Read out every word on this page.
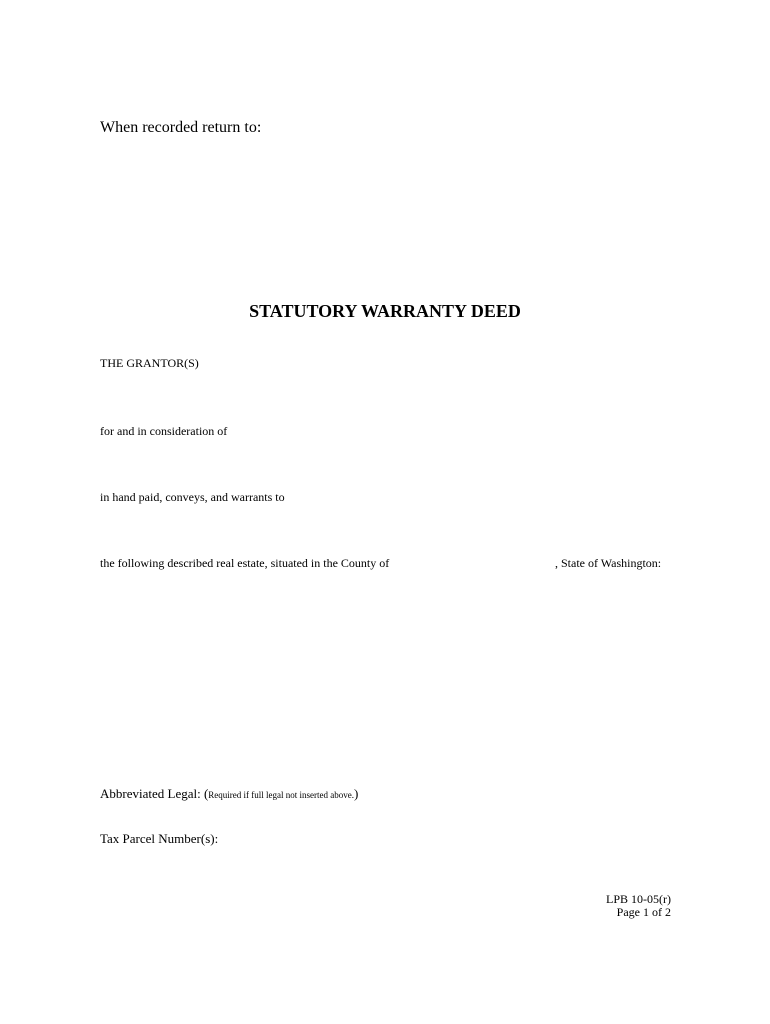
When recorded return to:
STATUTORY WARRANTY DEED
THE GRANTOR(S)
for and in consideration of
in hand paid, conveys, and warrants to
the following described real estate, situated in the County of	, State of Washington:
Abbreviated Legal: (Required if full legal not inserted above.)
Tax Parcel Number(s):
LPB 10-05(r)
Page 1 of 2
